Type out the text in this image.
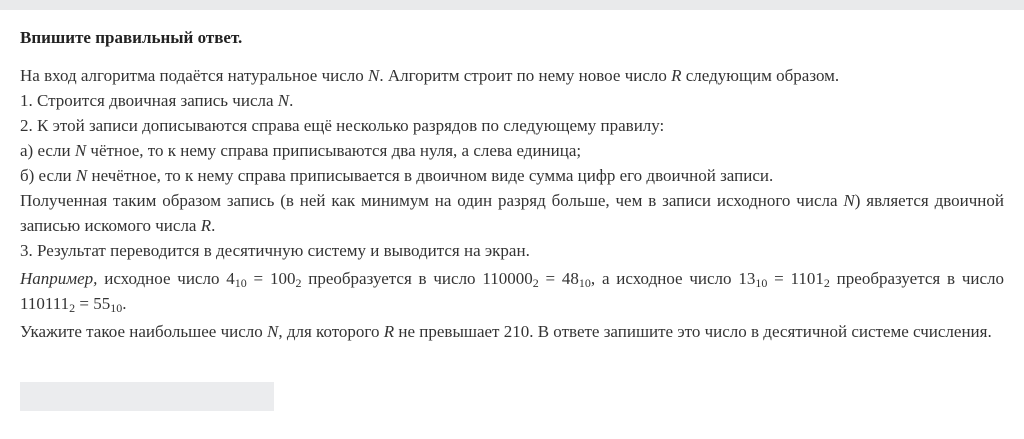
Впишите правильный ответ.

На вход алгоритма подаётся натуральное число N. Алгоритм строит по нему новое число R следующим образом.

1. Строится двоичная запись числа N.

2. К этой записи дописываются справа ещё несколько разрядов по следующему правилу:

а) если N чётное, то к нему справа приписываются два нуля, а слева единица;

б) если N нечётное, то к нему справа приписывается в двоичном виде сумма цифр его двоичной записи.

Полученная таким образом запись (в ней как минимум на один разряд больше, чем в записи исходного числа N) является двоичной записью искомого числа R.

3. Результат переводится в десятичную систему и выводится на экран.

Например, исходное число $4_{10} = 100_2$ преобразуется в число $110000_2 = 48_{10}$, а исходное число $13_{10} = 1101_2$ преобразуется в число $110111_2 = 55_{10}$.

Укажите такое наибольшее число N, для которого R не превышает 210. В ответе запишите это число в десятичной системе счисления.
